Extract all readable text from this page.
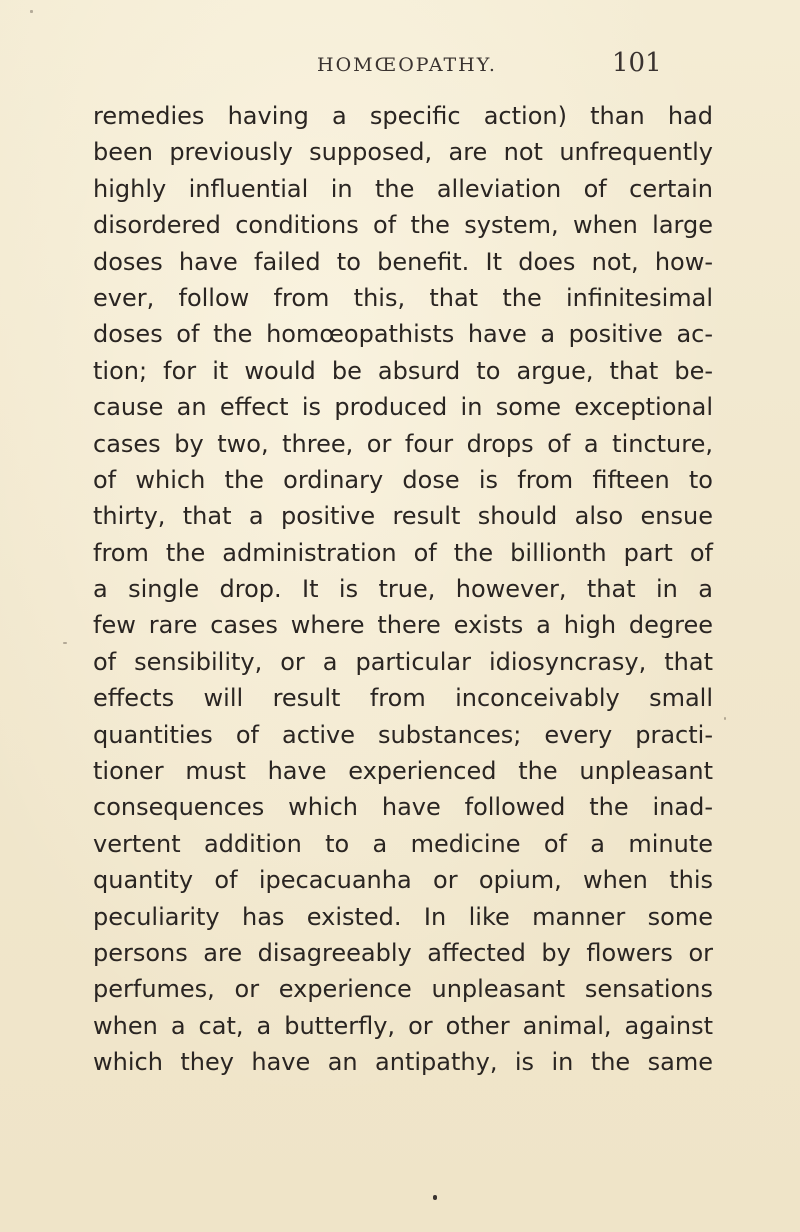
HOMŒOPATHY.	101
remedies having a specific action) than had
been previously supposed, are not unfrequently
highly influential in the alleviation of certain
disordered conditions of the system, when large
doses have failed to benefit. It does not, how-
ever, follow from this, that the infinitesimal
doses of the homœopathists have a positive ac-
tion; for it would be absurd to argue, that be-
cause an effect is produced in some exceptional
cases by two, three, or four drops of a tincture,
of which the ordinary dose is from fifteen to
thirty, that a positive result should also ensue
from the administration of the billionth part of
a single drop. It is true, however, that in a
few rare cases where there exists a high degree
of sensibility, or a particular idiosyncrasy, that
effects will result from inconceivably small
quantities of active substances; every practi-
tioner must have experienced the unpleasant
consequences which have followed the inad-
vertent addition to a medicine of a minute
quantity of ipecacuanha or opium, when this
peculiarity has existed. In like manner some
persons are disagreeably affected by flowers or
perfumes, or experience unpleasant sensations
when a cat, a butterfly, or other animal, against
which they have an antipathy, is in the same
